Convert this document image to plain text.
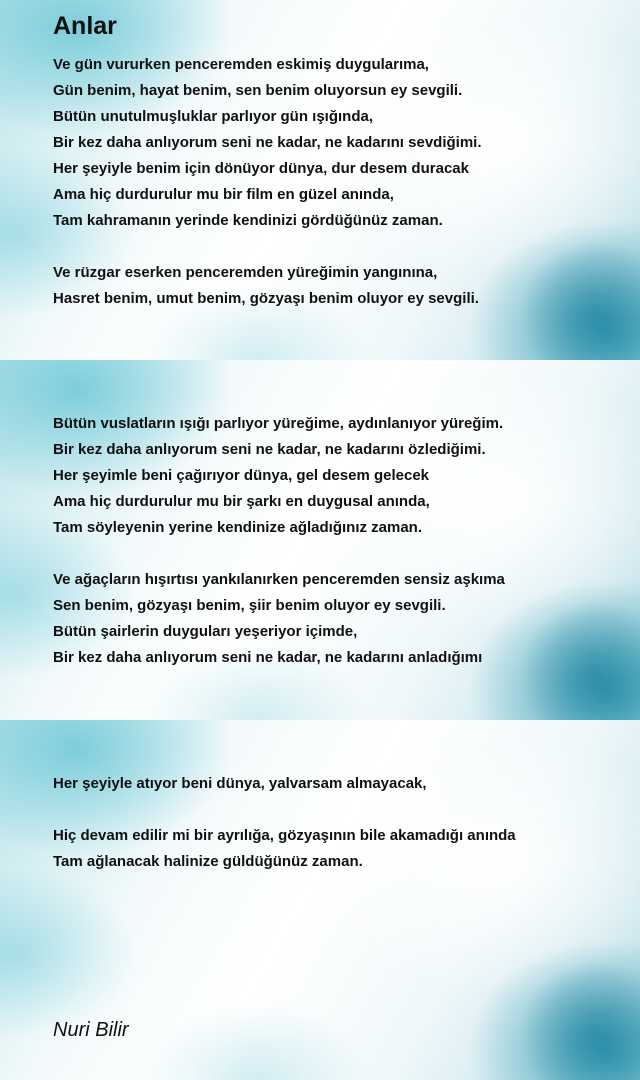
Anlar
Ve gün vururken penceremden eskimiş duygularıma,
Gün benim, hayat benim, sen benim oluyorsun ey sevgili.
Bütün unutulmuşluklar parlıyor gün ışığında,
Bir kez daha anlıyorum seni ne kadar, ne kadarını sevdiğimi.
Her şeyiyle benim için dönüyor dünya, dur desem duracak
Ama hiç durdurulur mu bir film en güzel anında,
Tam kahramanın yerinde kendinizi gördüğünüz zaman.
Ve rüzgar eserken penceremden yüreğimin yangınına,
Hasret benim, umut benim, gözyaşı benim oluyor ey sevgili.
Bütün vuslatların ışığı parlıyor yüreğime, aydınlanıyor yüreğim.
Bir kez daha anlıyorum seni ne kadar, ne kadarını özlediğimi.
Her şeyimle beni çağırıyor dünya, gel desem gelecek
Ama hiç durdurulur mu bir şarkı en duygusal anında,
Tam söyleyenin yerine kendinize ağladığınız zaman.
Ve ağaçların hışırtısı yankılanırken penceremden sensiz aşkıma
Sen benim, gözyaşı benim, şiir benim oluyor ey sevgili.
Bütün şairlerin duyguları yeşeriyor içimde,
Bir kez daha anlıyorum seni ne kadar, ne kadarını anladığımı
Her şeyiyle atıyor beni dünya, yalvarsam almayacak,
Hiç devam edilir mi bir ayrılığa, gözyaşının bile akamadığı anında
Tam ağlanacak halinize güldüğünüz zaman.
Nuri Bilir
